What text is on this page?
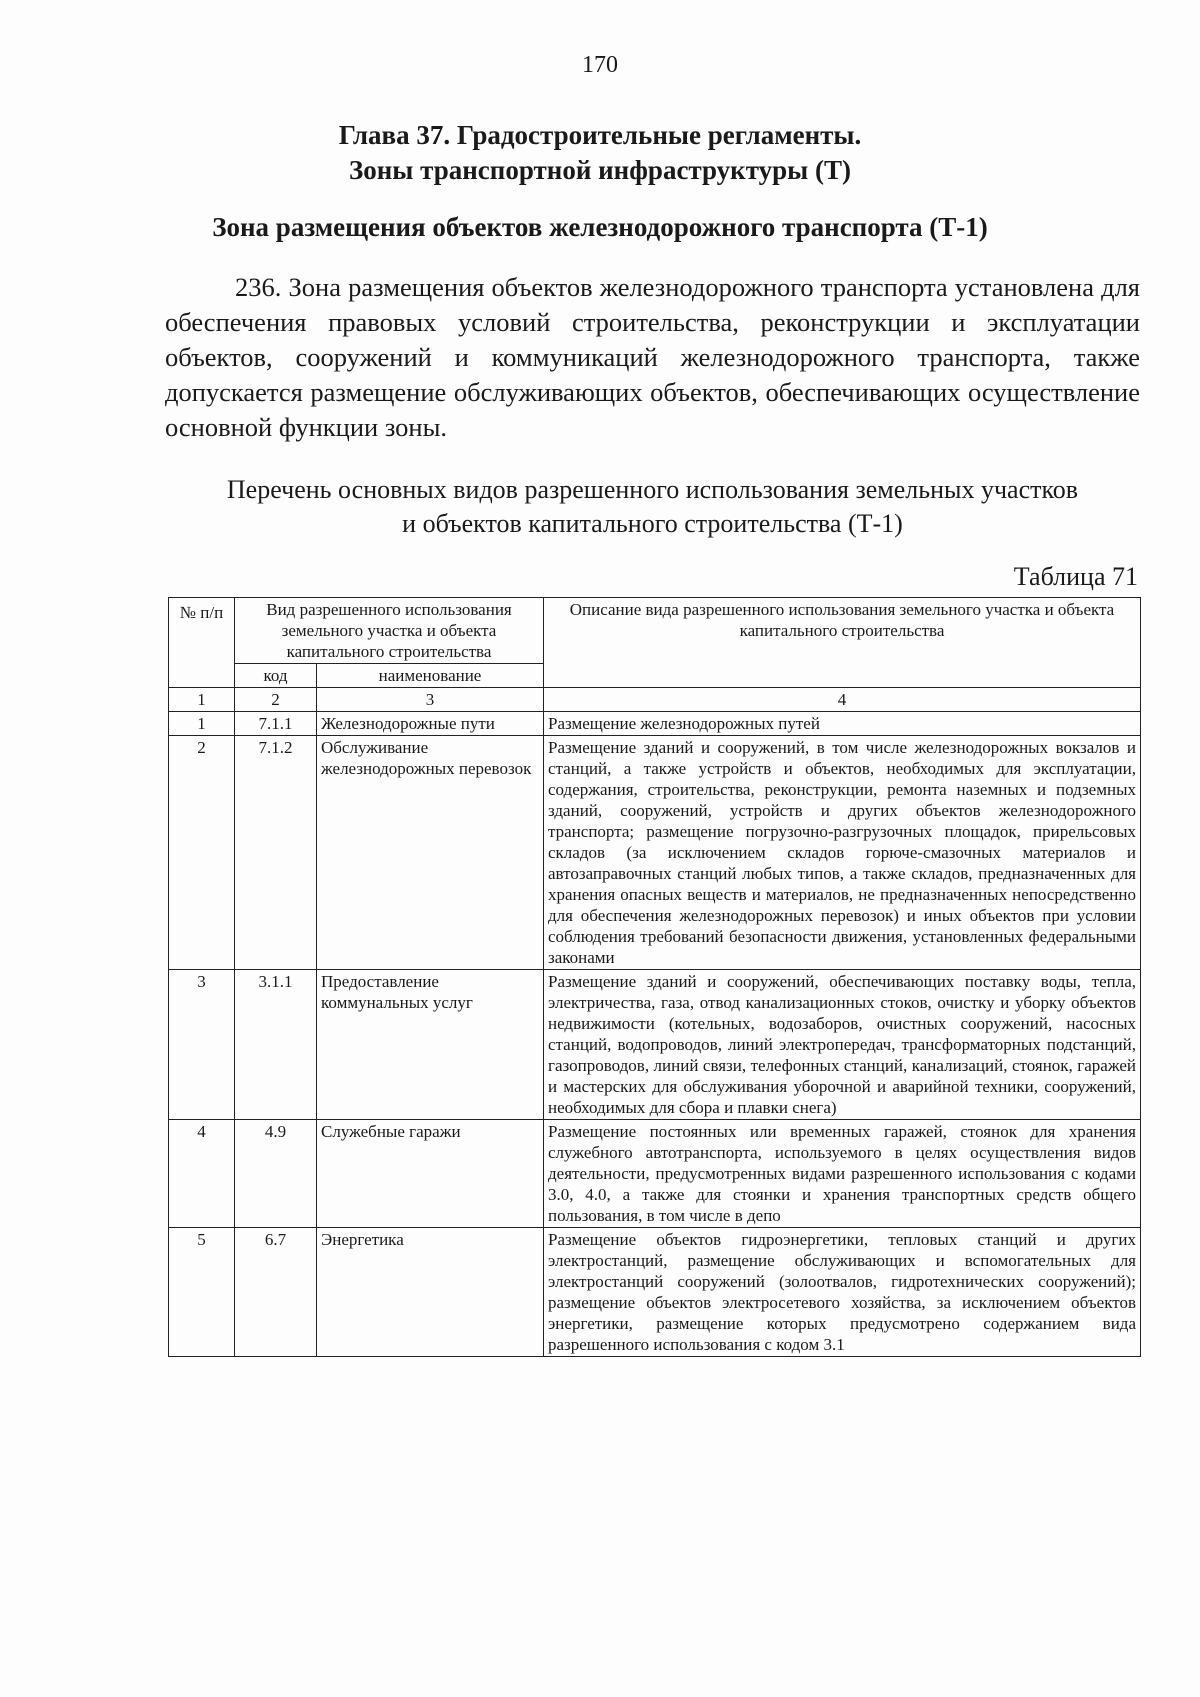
170
Глава 37. Градостроительные регламенты.
Зоны транспортной инфраструктуры (Т)
Зона размещения объектов железнодорожного транспорта (Т-1)

236. Зона размещения объектов железнодорожного транспорта установлена для обеспечения правовых условий строительства, реконструкции и эксплуатации объектов, сооружений и коммуникаций железнодорожного транспорта, также допускается размещение обслуживающих объектов, обеспечивающих осуществление основной функции зоны.

Перечень основных видов разрешенного использования земельных участков
и объектов капитального строительства (Т-1)
Таблица 71
№ п/п	Вид разрешенного использования земельного участка и объекта капитального строительства		Описание вида разрешенного использования земельного участка и объекта капитального строительства
	код	наименование	
1	2	3	4
1	7.1.1	Железнодорожные пути	Размещение железнодорожных путей
2	7.1.2	Обслуживание железнодорожных перевозок	Размещение зданий и сооружений, в том числе железнодорожных вокзалов и станций, а также устройств и объектов, необходимых для эксплуатации, содержания, строительства, реконструкции, ремонта наземных и подземных зданий, сооружений, устройств и других объектов железнодорожного транспорта; размещение погрузочно-разгрузочных площадок, прирельсовых складов (за исключением складов горюче-смазочных материалов и автозаправочных станций любых типов, а также складов, предназначенных для хранения опасных веществ и материалов, не предназначенных непосредственно для обеспечения железнодорожных перевозок) и иных объектов при условии соблюдения требований безопасности движения, установленных федеральными законами
3	3.1.1	Предоставление коммунальных услуг	Размещение зданий и сооружений, обеспечивающих поставку воды, тепла, электричества, газа, отвод канализационных стоков, очистку и уборку объектов недвижимости (котельных, водозаборов, очистных сооружений, насосных станций, водопроводов, линий электропередач, трансформаторных подстанций, газопроводов, линий связи, телефонных станций, канализаций, стоянок, гаражей и мастерских для обслуживания уборочной и аварийной техники, сооружений, необходимых для сбора и плавки снега)
4	4.9	Служебные гаражи	Размещение постоянных или временных гаражей, стоянок для хранения служебного автотранспорта, используемого в целях осуществления видов деятельности, предусмотренных видами разрешенного использования с кодами 3.0, 4.0, а также для стоянки и хранения транспортных средств общего пользования, в том числе в депо
5	6.7	Энергетика	Размещение объектов гидроэнергетики, тепловых станций и других электростанций, размещение обслуживающих и вспомогательных для электростанций сооружений (золоотвалов, гидротехнических сооружений); размещение объектов электросетевого хозяйства, за исключением объектов энергетики, размещение которых предусмотрено содержанием вида разрешенного использования с кодом 3.1
